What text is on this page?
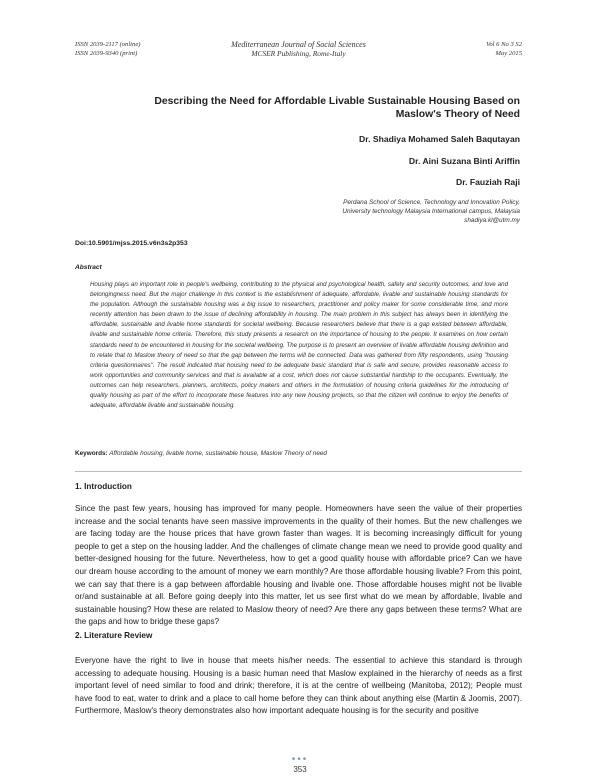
ISSN 2039-2117 (online)
ISSN 2039-9340 (print)
Mediterranean Journal of Social Sciences
MCSER Publishing, Rome-Italy
Vol 6 No 3 S2
May 2015
Describing the Need for Affordable Livable Sustainable Housing Based on Maslow's Theory of Need
Dr. Shadiya Mohamed Saleh Baqutayan
Dr. Aini Suzana Binti Ariffin
Dr. Fauziah Raji
Perdana School of Science, Technology and Innovation Policy,
University technology Malaysia International campus, Malaysia
shadiya.kl@utm.my
Doi:10.5901/mjss.2015.v6n3s2p353
Abstract
Housing plays an important role in people's wellbeing, contributing to the physical and psychological health, safety and security outcomes, and love and belongingness need. But the major challenge in this context is the establishment of adequate, affordable, livable and sustainable housing standards for the population. Although the sustainable housing was a big issue to researchers, practitioner and policy maker for some considerable time, and more recently attention has been drawn to the issue of declining affordability in housing. The main problem in this subject has always been in identifying the affordable, sustainable and livable home standards for societal wellbeing. Because researchers believe that there is a gap existed between affordable, livable and sustainable home criteria. Therefore, this study presents a research on the importance of housing to the people. It examines on how certain standards need to be encountered in housing for the societal wellbeing. The purpose is to present an overview of livable affordable housing definition and to relate that to Maslow theory of need so that the gap between the terms will be connected. Data was gathered from fifty respondents, using "housing criteria questionnaires". The result indicated that housing need to be adequate basic standard that is safe and secure, provides reasonable access to work opportunities and community services and that is available at a cost, which does not cause substantial hardship to the occupants. Eventually, the outcomes can help researchers, planners, architects, policy makers and others in the formulation of housing criteria guidelines for the introducing of quality housing as part of the effort to incorporate these features into any new housing projects, so that the citizen will continue to enjoy the benefits of adequate, affordable livable and sustainable housing.
Keywords: Affordable housing, livable home, sustainable house, Maslow Theory of need
1. Introduction
Since the past few years, housing has improved for many people. Homeowners have seen the value of their properties increase and the social tenants have seen massive improvements in the quality of their homes. But the new challenges we are facing today are the house prices that have grown faster than wages. It is becoming increasingly difficult for young people to get a step on the housing ladder. And the challenges of climate change mean we need to provide good quality and better-designed housing for the future. Nevertheless, how to get a good quality house with affordable price? Can we have our dream house according to the amount of money we earn monthly? Are those affordable housing livable? From this point, we can say that there is a gap between affordable housing and livable one. Those affordable houses might not be livable or/and sustainable at all. Before going deeply into this matter, let us see first what do we mean by affordable, livable and sustainable housing? How these are related to Maslow theory of need? Are there any gaps between these terms? What are the gaps and how to bridge these gaps?
2. Literature Review
Everyone have the right to live in house that meets his/her needs. The essential to achieve this standard is through accessing to adequate housing. Housing is a basic human need that Maslow explained in the hierarchy of needs as a first important level of need similar to food and drink; therefore, it is at the centre of wellbeing (Manitoba, 2012); People must have food to eat, water to drink and a place to call home before they can think about anything else (Martin & Joomis, 2007). Furthermore, Maslow's theory demonstrates also how important adequate housing is for the security and positive
•••
353
